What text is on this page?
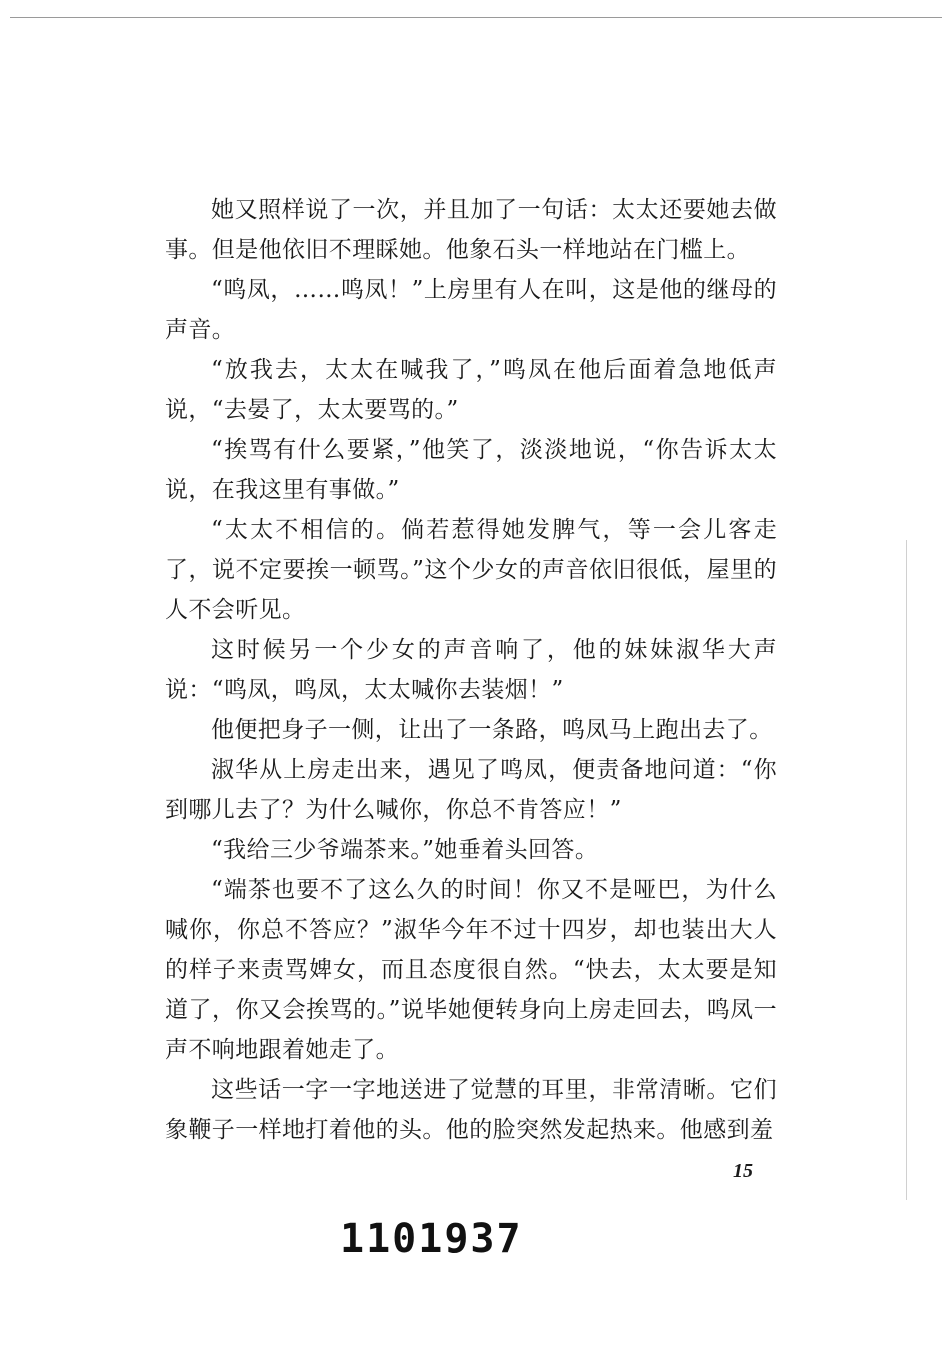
她又照样说了一次，并且加了一句话：太太还要她去做事。但是他依旧不理睬她。他象石头一样地站在门槛上。

“鸣凤，……鸣凤！”上房里有人在叫，这是他的继母的声音。

“放我去，太太在喊我了，”鸣凤在他后面着急地低声说，“去晏了，太太要骂的。”

“挨骂有什么要紧，”他笑了，淡淡地说，“你告诉太太说，在我这里有事做。”

“太太不相信的。倘若惹得她发脾气，等一会儿客走了，说不定要挨一顿骂。”这个少女的声音依旧很低，屋里的人不会听见。

这时候另一个少女的声音响了，他的妹妹淑华大声说：“鸣凤，鸣凤，太太喊你去装烟！”

他便把身子一侧，让出了一条路，鸣凤马上跑出去了。

淑华从上房走出来，遇见了鸣凤，便责备地问道：“你到哪儿去了？为什么喊你，你总不肯答应！”

“我给三少爷端茶来。”她垂着头回答。

“端茶也要不了这么久的时间！你又不是哑巴，为什么喊你，你总不答应？”淑华今年不过十四岁，却也装出大人的样子来责骂婢女，而且态度很自然。“快去，太太要是知道了，你又会挨骂的。”说毕她便转身向上房走回去，鸣凤一声不响地跟着她走了。

这些话一字一字地送进了觉慧的耳里，非常清晰。它们象鞭子一样地打着他的头。他的脸突然发起热来。他感到羞

15
1101937
